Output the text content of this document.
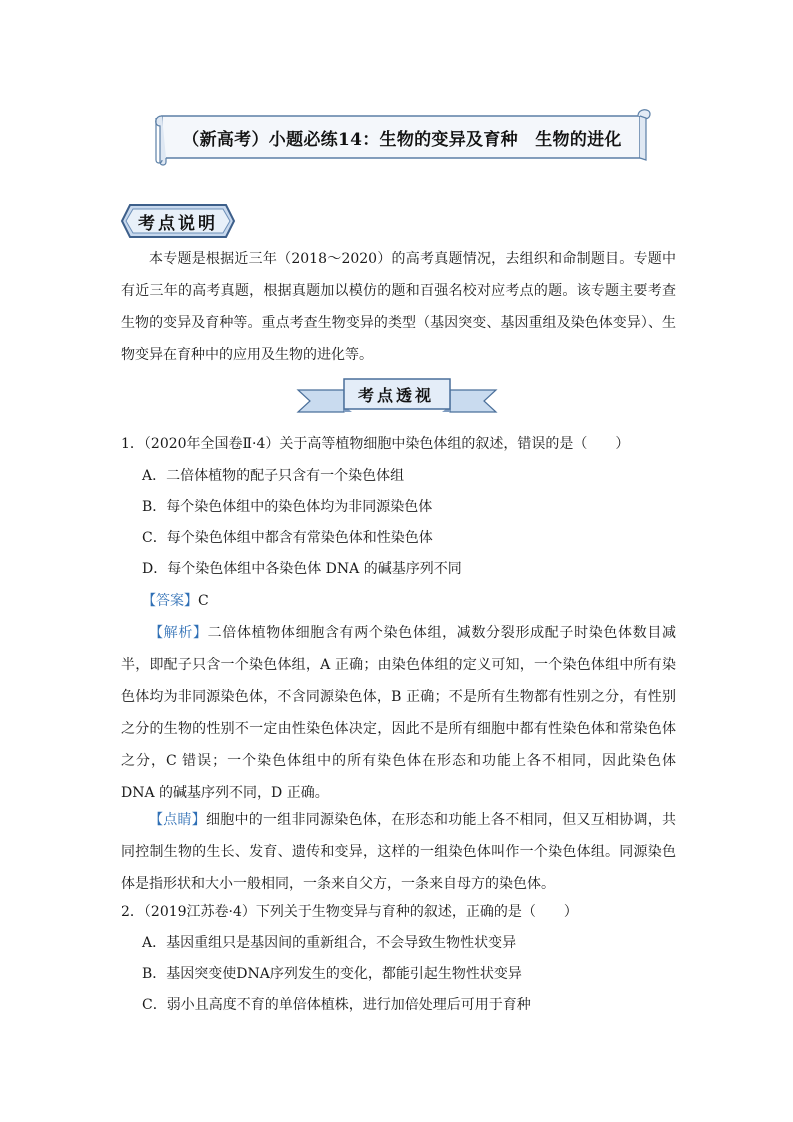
（新高考）小题必练14：生物的变异及育种　生物的进化
考点说明
本专题是根据近三年（2018～2020）的高考真题情况，去组织和命制题目。专题中有近三年的高考真题，根据真题加以模仿的题和百强名校对应考点的题。该专题主要考查生物的变异及育种等。重点考查生物变异的类型（基因突变、基因重组及染色体变异）、生物变异在育种中的应用及生物的进化等。
考点透视
1．（2020年全国卷Ⅱ·4）关于高等植物细胞中染色体组的叙述，错误的是（　　）
A．二倍体植物的配子只含有一个染色体组
B．每个染色体组中的染色体均为非同源染色体
C．每个染色体组中都含有常染色体和性染色体
D．每个染色体组中各染色体 DNA 的碱基序列不同
【答案】C
【解析】二倍体植物体细胞含有两个染色体组，减数分裂形成配子时染色体数目减半，即配子只含一个染色体组，A 正确；由染色体组的定义可知，一个染色体组中所有染色体均为非同源染色体，不含同源染色体，B 正确；不是所有生物都有性别之分，有性别之分的生物的性别不一定由性染色体决定，因此不是所有细胞中都有性染色体和常染色体之分，C 错误；一个染色体组中的所有染色体在形态和功能上各不相同，因此染色体 DNA 的碱基序列不同，D 正确。
【点睛】细胞中的一组非同源染色体，在形态和功能上各不相同，但又互相协调，共同控制生物的生长、发育、遗传和变异，这样的一组染色体叫作一个染色体组。同源染色体是指形状和大小一般相同，一条来自父方，一条来自母方的染色体。
2．（2019江苏卷·4）下列关于生物变异与育种的叙述，正确的是（　　）
A．基因重组只是基因间的重新组合，不会导致生物性状变异
B．基因突变使DNA序列发生的变化，都能引起生物性状变异
C．弱小且高度不育的单倍体植株，进行加倍处理后可用于育种
